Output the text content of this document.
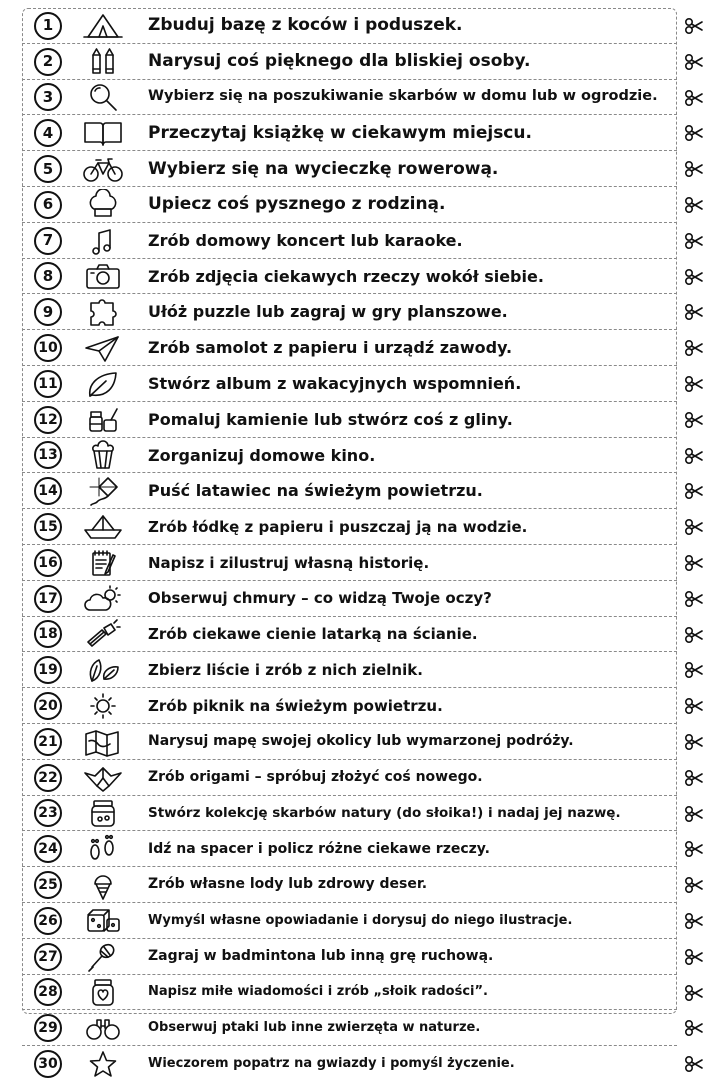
1	Zbuduj bazę z koców i poduszek.
2	Narysuj coś pięknego dla bliskiej osoby.
3	Wybierz się na poszukiwanie skarbów w domu lub w ogrodzie.
4	Przeczytaj książkę w ciekawym miejscu.
5	Wybierz się na wycieczkę rowerową.
6	Upiecz coś pysznego z rodziną.
7	Zrób domowy koncert lub karaoke.
8	Zrób zdjęcia ciekawych rzeczy wokół siebie.
9	Ułóż puzzle lub zagraj w gry planszowe.
10	Zrób samolot z papieru i urządź zawody.
11	Stwórz album z wakacyjnych wspomnień.
12	Pomaluj kamienie lub stwórz coś z gliny.
13	Zorganizuj domowe kino.
14	Puść latawiec na świeżym powietrzu.
15	Zrób łódkę z papieru i puszczaj ją na wodzie.
16	Napisz i zilustruj własną historię.
17	Obserwuj chmury – co widzą Twoje oczy?
18	Zrób ciekawe cienie latarką na ścianie.
19	Zbierz liście i zrób z nich zielnik.
20	Zrób piknik na świeżym powietrzu.
21	Narysuj mapę swojej okolicy lub wymarzonej podróży.
22	Zrób origami – spróbuj złożyć coś nowego.
23	Stwórz kolekcję skarbów natury (do słoika!) i nadaj jej nazwę.
24	Idź na spacer i policz różne ciekawe rzeczy.
25	Zrób własne lody lub zdrowy deser.
26	Wymyśl własne opowiadanie i dorysuj do niego ilustracje.
27	Zagraj w badmintona lub inną grę ruchową.
28	Napisz miłe wiadomości i zrób „słoik radości”.
29	Obserwuj ptaki lub inne zwierzęta w naturze.
30	Wieczorem popatrz na gwiazdy i pomyśl życzenie.
